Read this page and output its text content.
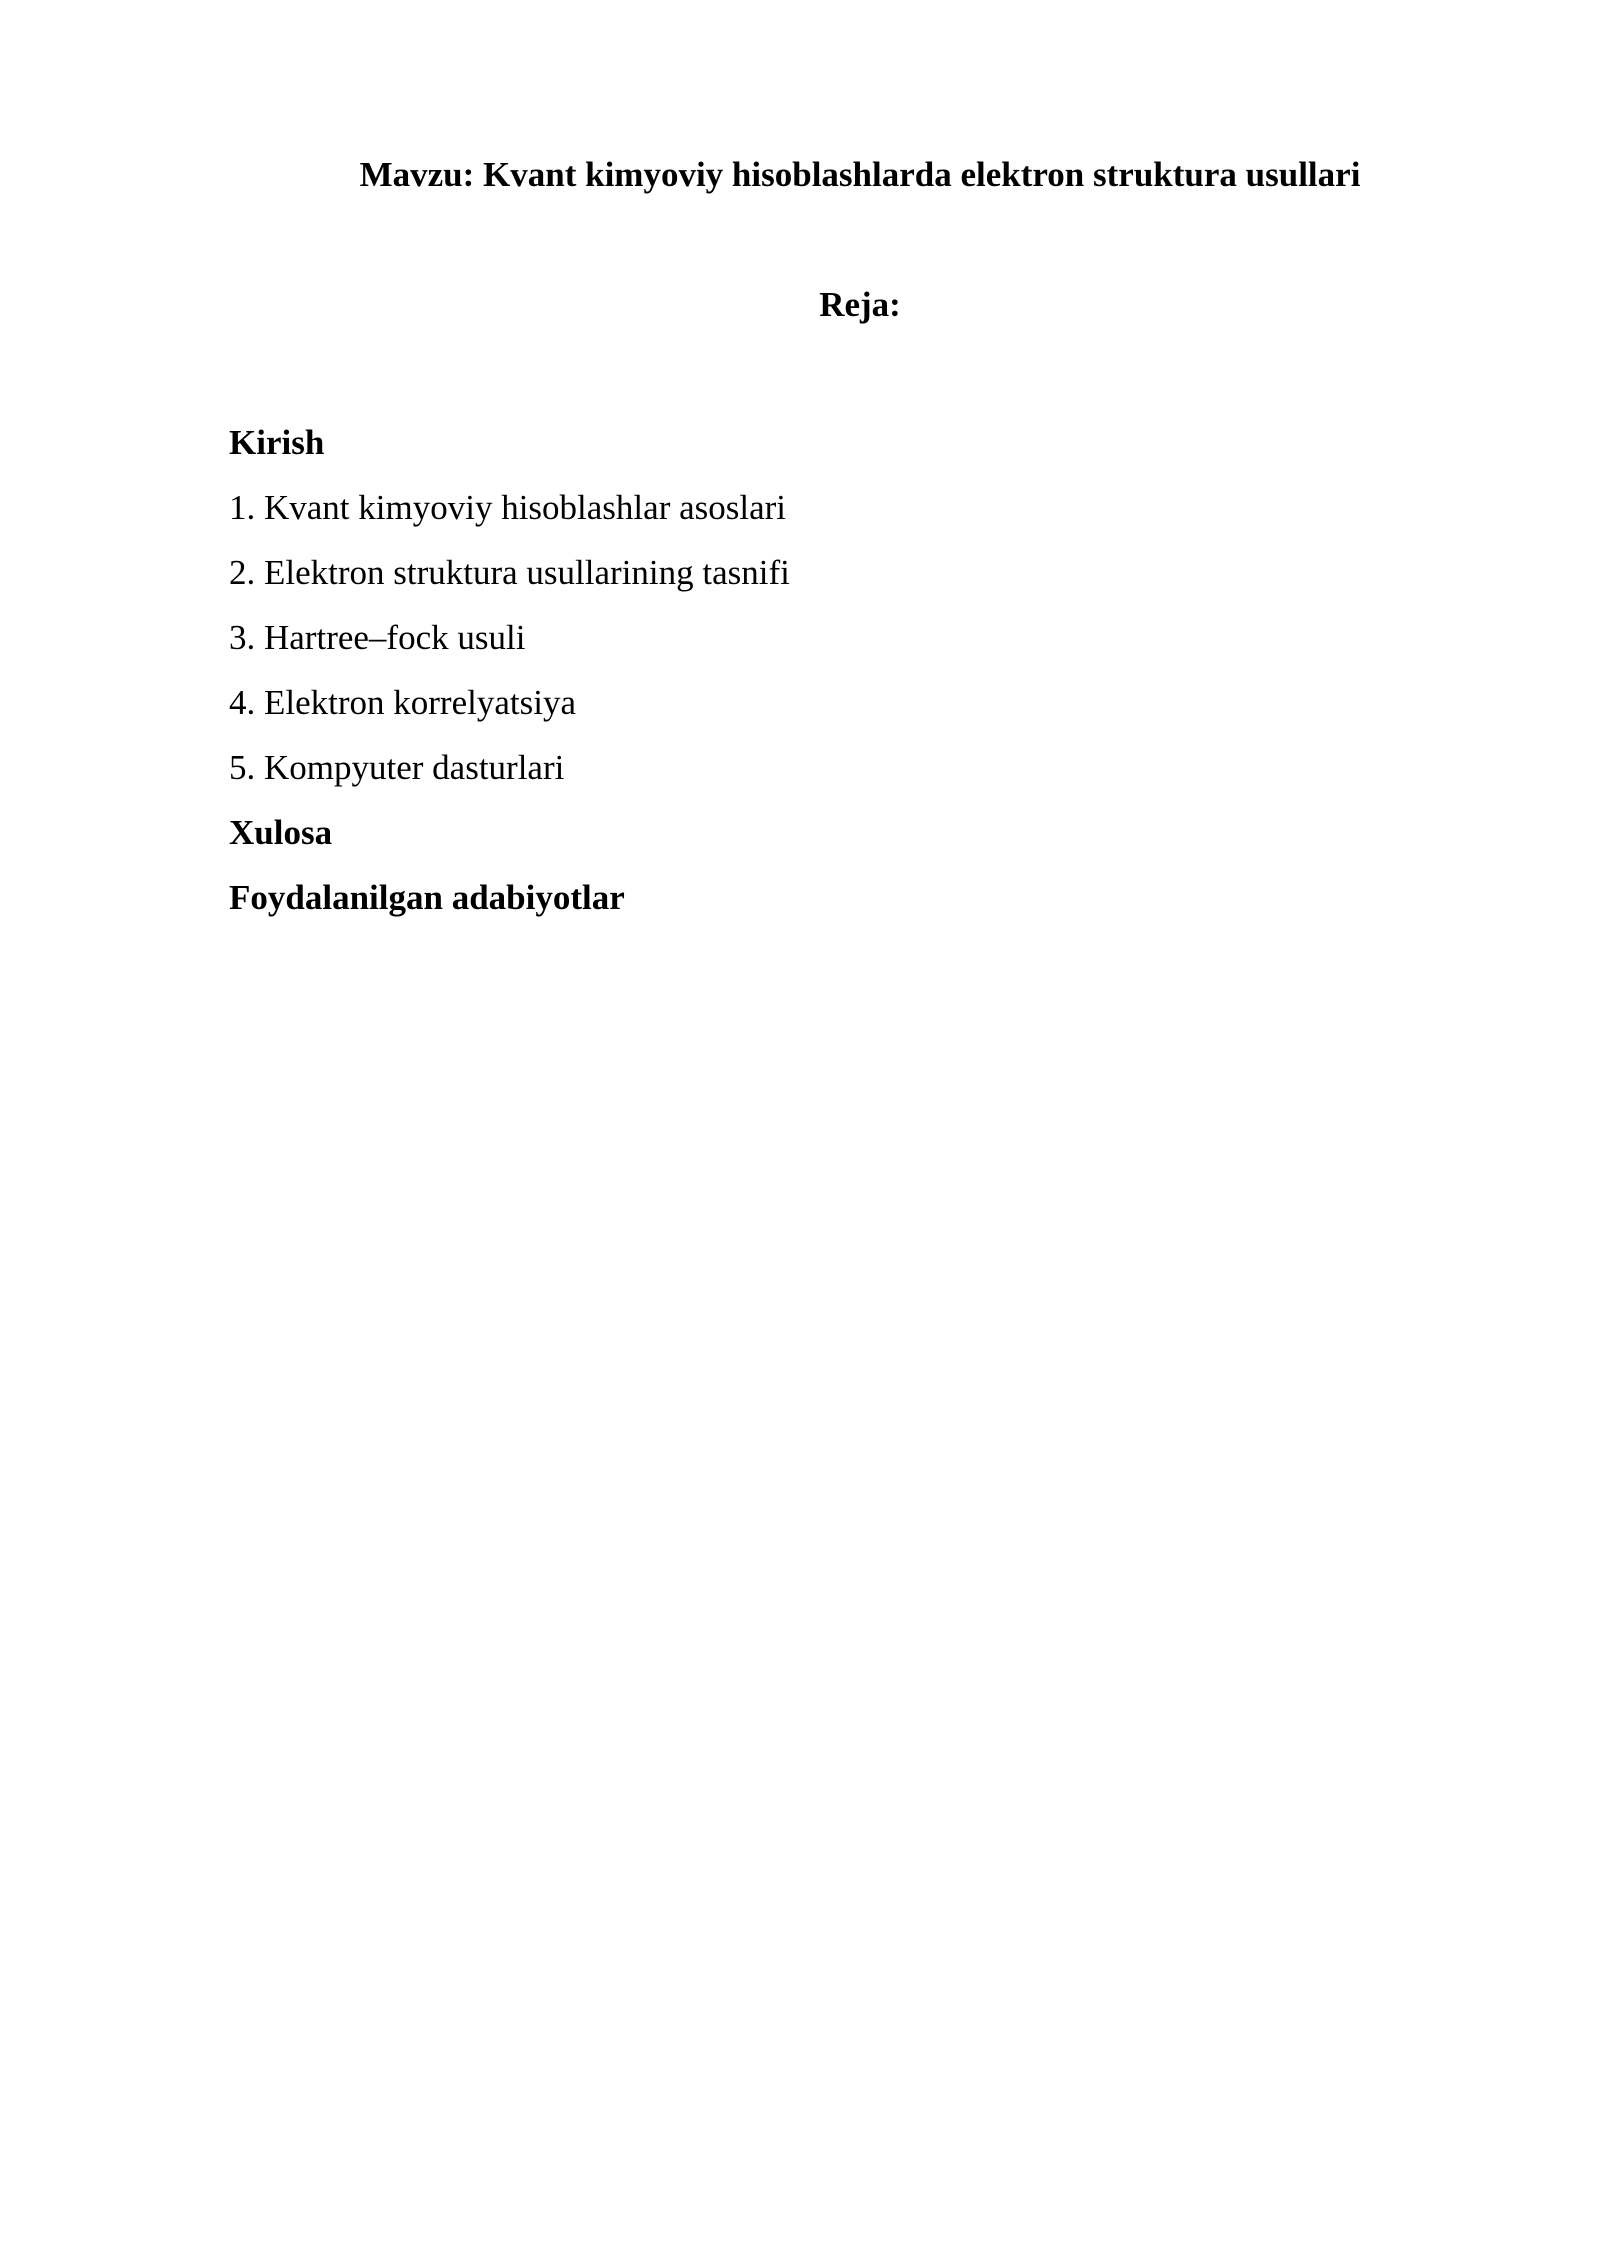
Mavzu: Kvant kimyoviy hisoblashlarda elektron struktura usullari
Reja:
Kirish
1. Kvant kimyoviy hisoblashlar asoslari
2. Elektron struktura usullarining tasnifi
3. Hartree–fock usuli
4. Elektron korrelyatsiya
5. Kompyuter dasturlari
Xulosa
Foydalanilgan adabiyotlar
